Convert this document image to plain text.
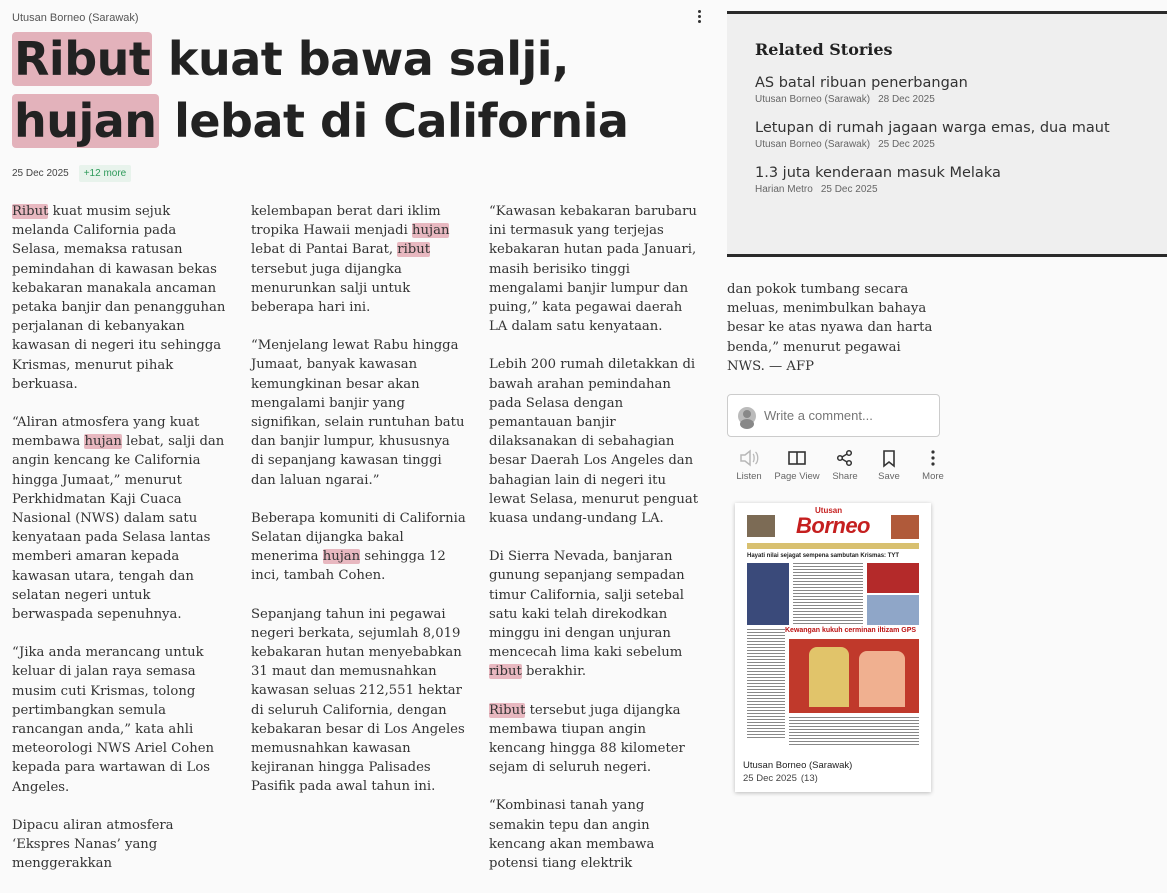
Utusan Borneo (Sarawak)
Ribut kuat bawa salji, hujan lebat di California
25 Dec 2025	+12 more

Ribut kuat musim sejuk melanda California pada Selasa, memaksa ratusan pemindahan di kawasan bekas kebakaran manakala ancaman petaka banjir dan penangguhan perjalanan di kebanyakan kawasan di negeri itu sehingga Krismas, menurut pihak berkuasa.

“Aliran atmosfera yang kuat membawa hujan lebat, salji dan angin kencang ke California hingga Jumaat,” menurut Perkhidmatan Kaji Cuaca Nasional (NWS) dalam satu kenyataan pada Selasa lantas memberi amaran kepada kawasan utara, tengah dan selatan negeri untuk berwaspada sepenuhnya.

“Jika anda merancang untuk keluar di jalan raya semasa musim cuti Krismas, tolong pertimbangkan semula rancangan anda,” kata ahli meteorologi NWS Ariel Cohen kepada para wartawan di Los Angeles.

Dipacu aliran atmosfera ‘Ekspres Nanas’ yang menggerakkan

kelembapan berat dari iklim tropika Hawaii menjadi hujan lebat di Pantai Barat, ribut tersebut juga dijangka menurunkan salji untuk beberapa hari ini.

“Menjelang lewat Rabu hingga Jumaat, banyak kawasan kemungkinan besar akan mengalami banjir yang signifikan, selain runtuhan batu dan banjir lumpur, khususnya di sepanjang kawasan tinggi dan laluan ngarai.”

Beberapa komuniti di California Selatan dijangka bakal menerima hujan sehingga 12 inci, tambah Cohen.

Sepanjang tahun ini pegawai negeri berkata, sejumlah 8,019 kebakaran hutan menyebabkan 31 maut dan memusnahkan kawasan seluas 212,551 hektar di seluruh California, dengan kebakaran besar di Los Angeles memusnahkan kawasan kejiranan hingga Palisades Pasifik pada awal tahun ini.

“Kawasan kebakaran barubaru ini termasuk yang terjejas kebakaran hutan pada Januari, masih berisiko tinggi mengalami banjir lumpur dan puing,” kata pegawai daerah LA dalam satu kenyataan.

Lebih 200 rumah diletakkan di bawah arahan pemindahan pada Selasa dengan pemantauan banjir dilaksanakan di sebahagian besar Daerah Los Angeles dan bahagian lain di negeri itu lewat Selasa, menurut penguat kuasa undang-undang LA.

Di Sierra Nevada, banjaran gunung sepanjang sempadan timur California, salji setebal satu kaki telah direkodkan minggu ini dengan unjuran mencecah lima kaki sebelum ribut berakhir.

Ribut tersebut juga dijangka membawa tiupan angin kencang hingga 88 kilometer sejam di seluruh negeri.

“Kombinasi tanah yang semakin tepu dan angin kencang akan membawa potensi tiang elektrik

dan pokok tumbang secara meluas, menimbulkan bahaya besar ke atas nyawa dan harta benda,” menurut pegawai NWS. — AFP

Related Stories
AS batal ribuan penerbangan
Utusan Borneo (Sarawak) 28 Dec 2025
Letupan di rumah jagaan warga emas, dua maut
Utusan Borneo (Sarawak) 25 Dec 2025
1.3 juta kenderaan masuk Melaka
Harian Metro 25 Dec 2025
Write a comment...
Listen	Page View	Share	Save	More
Utusan
Borneo
Hayati nilai sejagat sempena sambutan Krismas: TYT
Kewangan kukuh cerminan iltizam GPS
Utusan Borneo (Sarawak)
25 Dec 2025 (13)
